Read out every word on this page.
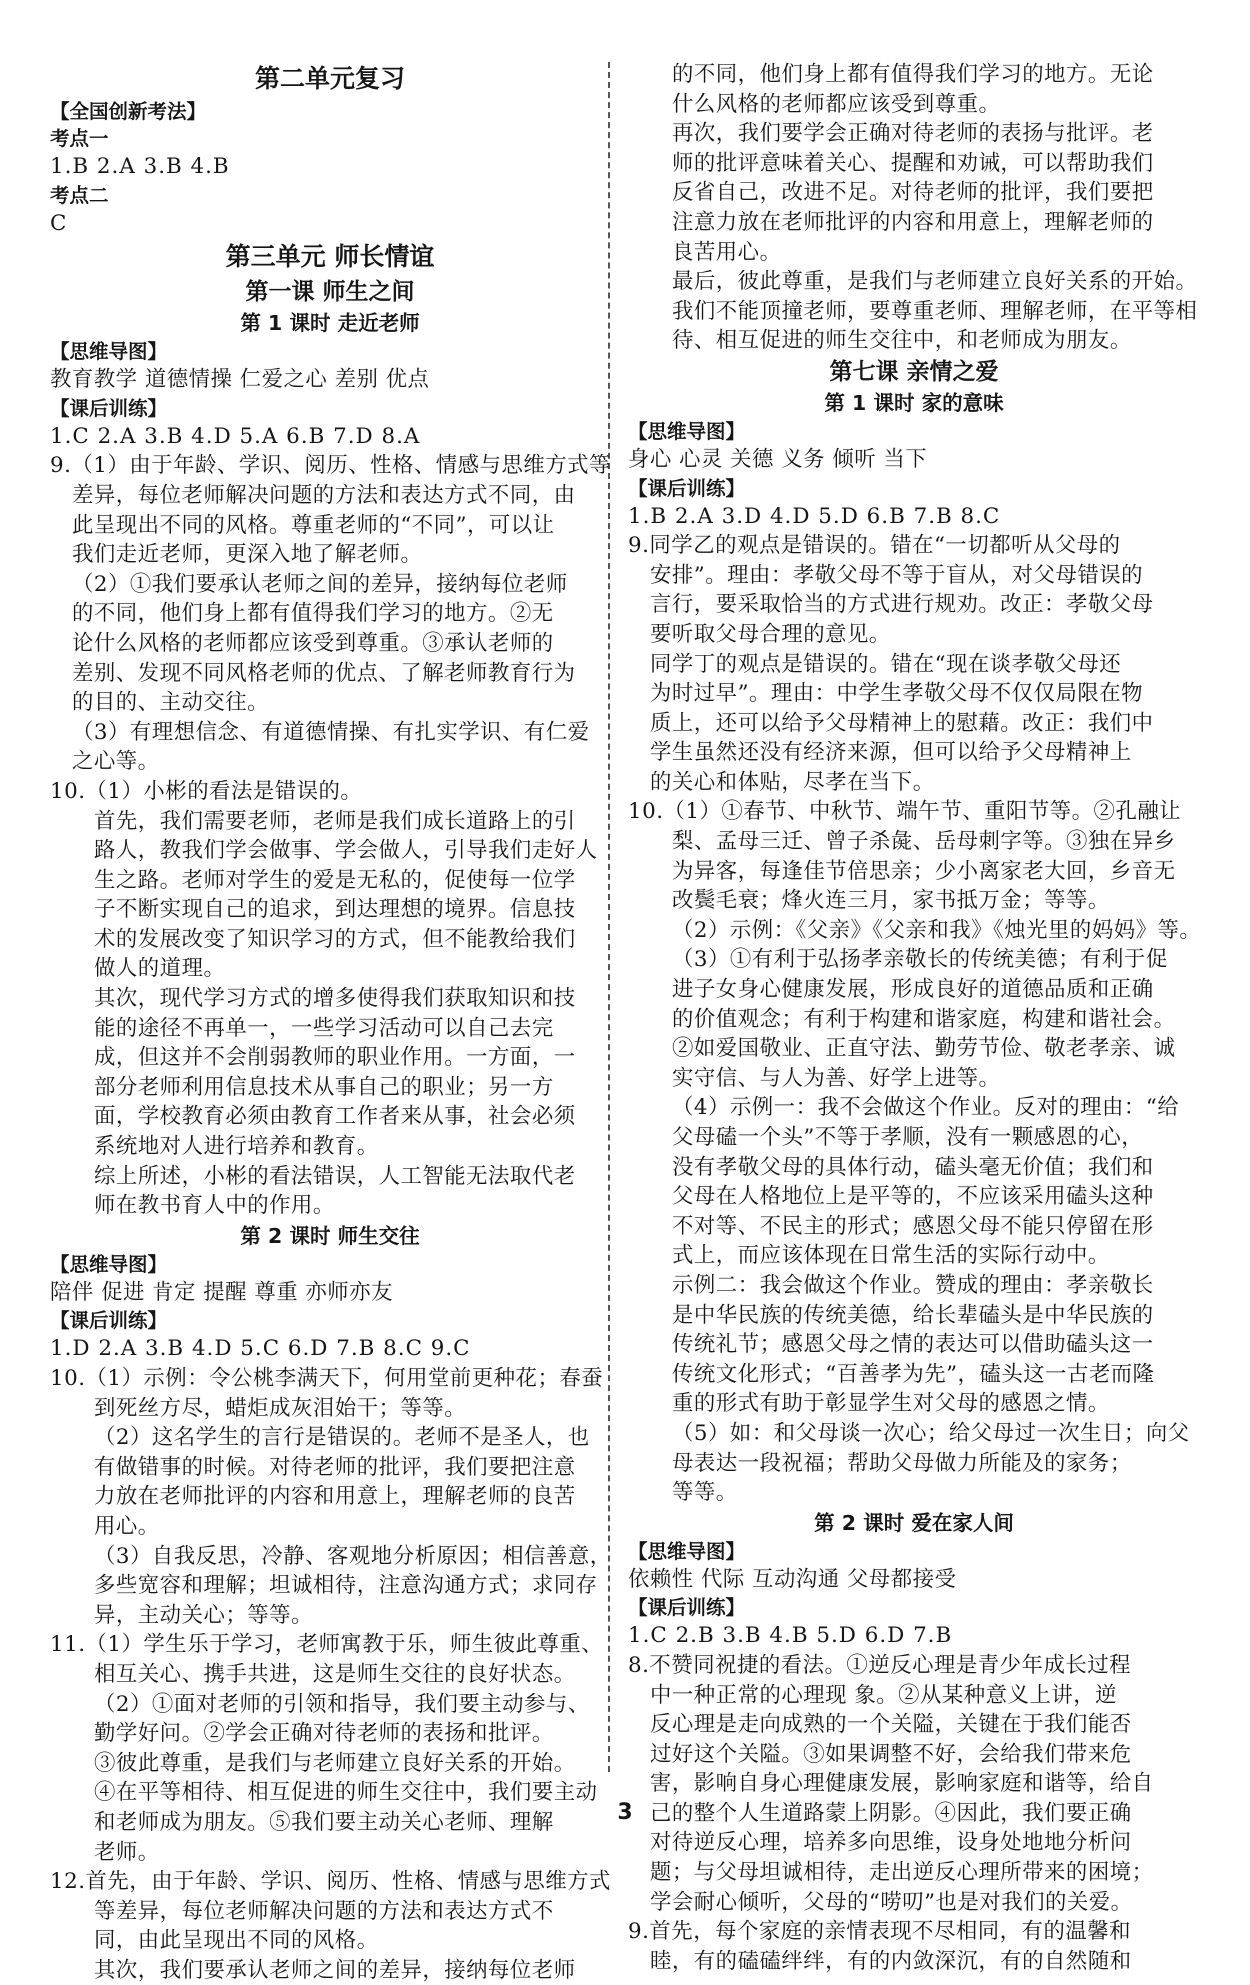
第二单元复习
【全国创新考法】
考点一
1.B 2.A 3.B 4.B
考点二
C
第三单元 师长情谊
第一课 师生之间
第 1 课时 走近老师
【思维导图】
教育教学 道德情操 仁爱之心 差别 优点
【课后训练】
1.C 2.A 3.B 4.D 5.A 6.B 7.D 8.A
9.（1）由于年龄、学识、阅历、性格、情感与思维方式等
差异，每位老师解决问题的方法和表达方式不同，由
此呈现出不同的风格。尊重老师的“不同”，可以让
我们走近老师，更深入地了解老师。
（2）①我们要承认老师之间的差异，接纳每位老师
的不同，他们身上都有值得我们学习的地方。②无
论什么风格的老师都应该受到尊重。③承认老师的
差别、发现不同风格老师的优点、了解老师教育行为
的目的、主动交往。
（3）有理想信念、有道德情操、有扎实学识、有仁爱
之心等。
10.（1）小彬的看法是错误的。
首先，我们需要老师，老师是我们成长道路上的引
路人，教我们学会做事、学会做人，引导我们走好人
生之路。老师对学生的爱是无私的，促使每一位学
子不断实现自己的追求，到达理想的境界。信息技
术的发展改变了知识学习的方式，但不能教给我们
做人的道理。
其次，现代学习方式的增多使得我们获取知识和技
能的途径不再单一，一些学习活动可以自己去完
成，但这并不会削弱教师的职业作用。一方面，一
部分老师利用信息技术从事自己的职业；另一方
面，学校教育必须由教育工作者来从事，社会必须
系统地对人进行培养和教育。
综上所述，小彬的看法错误，人工智能无法取代老
师在教书育人中的作用。
第 2 课时 师生交往
【思维导图】
陪伴 促进 肯定 提醒 尊重 亦师亦友
【课后训练】
1.D 2.A 3.B 4.D 5.C 6.D 7.B 8.C 9.C
10.（1）示例：令公桃李满天下，何用堂前更种花；春蚕
到死丝方尽，蜡炬成灰泪始干；等等。
（2）这名学生的言行是错误的。老师不是圣人，也
有做错事的时候。对待老师的批评，我们要把注意
力放在老师批评的内容和用意上，理解老师的良苦
用心。
（3）自我反思，冷静、客观地分析原因；相信善意，
多些宽容和理解；坦诚相待，注意沟通方式；求同存
异，主动关心；等等。
11.（1）学生乐于学习，老师寓教于乐，师生彼此尊重、
相互关心、携手共进，这是师生交往的良好状态。
（2）①面对老师的引领和指导，我们要主动参与、
勤学好问。②学会正确对待老师的表扬和批评。
③彼此尊重，是我们与老师建立良好关系的开始。
④在平等相待、相互促进的师生交往中，我们要主动
和老师成为朋友。⑤我们要主动关心老师、理解
老师。
12.首先，由于年龄、学识、阅历、性格、情感与思维方式
等差异，每位老师解决问题的方法和表达方式不
同，由此呈现出不同的风格。
其次，我们要承认老师之间的差异，接纳每位老师
的不同，他们身上都有值得我们学习的地方。无论
什么风格的老师都应该受到尊重。
再次，我们要学会正确对待老师的表扬与批评。老
师的批评意味着关心、提醒和劝诫，可以帮助我们
反省自己，改进不足。对待老师的批评，我们要把
注意力放在老师批评的内容和用意上，理解老师的
良苦用心。
最后，彼此尊重，是我们与老师建立良好关系的开始。
我们不能顶撞老师，要尊重老师、理解老师，在平等相
待、相互促进的师生交往中，和老师成为朋友。
第七课 亲情之爱
第 1 课时 家的意味
【思维导图】
身心 心灵 关德 义务 倾听 当下
【课后训练】
1.B 2.A 3.D 4.D 5.D 6.B 7.B 8.C
9.同学乙的观点是错误的。错在“一切都听从父母的
安排”。理由：孝敬父母不等于盲从，对父母错误的
言行，要采取恰当的方式进行规劝。改正：孝敬父母
要听取父母合理的意见。
同学丁的观点是错误的。错在“现在谈孝敬父母还
为时过早”。理由：中学生孝敬父母不仅仅局限在物
质上，还可以给予父母精神上的慰藉。改正：我们中
学生虽然还没有经济来源，但可以给予父母精神上
的关心和体贴，尽孝在当下。
10.（1）①春节、中秋节、端午节、重阳节等。②孔融让
梨、孟母三迁、曾子杀彘、岳母刺字等。③独在异乡
为异客，每逢佳节倍思亲；少小离家老大回，乡音无
改鬓毛衰；烽火连三月，家书抵万金；等等。
（2）示例：《父亲》《父亲和我》《烛光里的妈妈》等。
（3）①有利于弘扬孝亲敬长的传统美德；有利于促
进子女身心健康发展，形成良好的道德品质和正确
的价值观念；有利于构建和谐家庭，构建和谐社会。
②如爱国敬业、正直守法、勤劳节俭、敬老孝亲、诚
实守信、与人为善、好学上进等。
（4）示例一：我不会做这个作业。反对的理由：“给
父母磕一个头”不等于孝顺，没有一颗感恩的心，
没有孝敬父母的具体行动，磕头毫无价值；我们和
父母在人格地位上是平等的，不应该采用磕头这种
不对等、不民主的形式；感恩父母不能只停留在形
式上，而应该体现在日常生活的实际行动中。
示例二：我会做这个作业。赞成的理由：孝亲敬长
是中华民族的传统美德，给长辈磕头是中华民族的
传统礼节；感恩父母之情的表达可以借助磕头这一
传统文化形式；“百善孝为先”，磕头这一古老而隆
重的形式有助于彰显学生对父母的感恩之情。
（5）如：和父母谈一次心；给父母过一次生日；向父
母表达一段祝福；帮助父母做力所能及的家务；
等等。
第 2 课时 爱在家人间
【思维导图】
依赖性 代际 互动沟通 父母都接受
【课后训练】
1.C 2.B 3.B 4.B 5.D 6.D 7.B
8.不赞同祝捷的看法。①逆反心理是青少年成长过程
中一种正常的心理现 象。②从某种意义上讲，逆
反心理是走向成熟的一个关隘，关键在于我们能否
过好这个关隘。③如果调整不好，会给我们带来危
害，影响自身心理健康发展，影响家庭和谐等，给自
己的整个人生道路蒙上阴影。④因此，我们要正确
对待逆反心理，培养多向思维，设身处地地分析问
题；与父母坦诚相待，走出逆反心理所带来的困境；
学会耐心倾听，父母的“唠叨”也是对我们的关爱。
9.首先，每个家庭的亲情表现不尽相同，有的温馨和
睦，有的磕磕绊绊，有的内敛深沉，有的自然随和
3
